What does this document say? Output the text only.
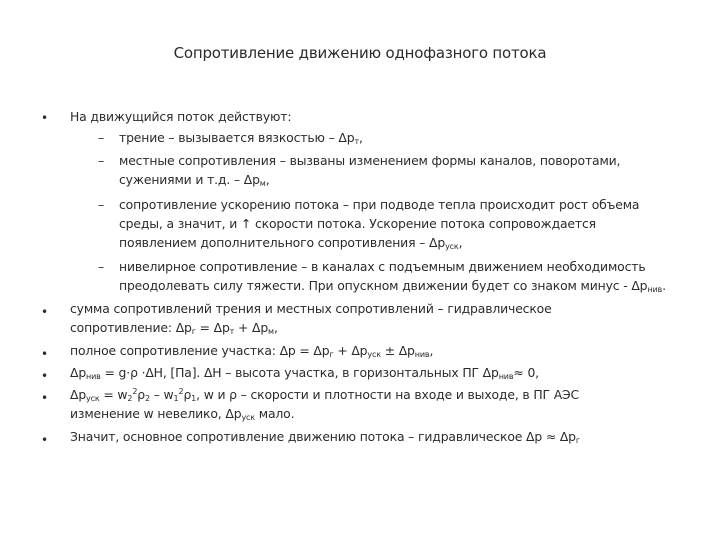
Сопротивление движению однофазного потока
• На движущийся поток действуют:
– трение – вызывается вязкостью – $\Delta p_т$,
– местные сопротивления – вызваны изменением формы каналов, поворотами,
сужениями и т.д. – $\Delta p_м$,
– сопротивление ускорению потока – при подводе тепла происходит рост объема
среды, а значит, и ↑ скорости потока. Ускорение потока сопровождается
появлением дополнительного сопротивления – $\Delta p_{уск}$,
– нивелирное сопротивление – в каналах с подъемным движением необходимость
преодолевать силу тяжести. При опускном движении будет со знаком минус - $\Delta p_{нив}$.
• сумма сопротивлений трения и местных сопротивлений – гидравлическое
сопротивление: $\Delta p_г = \Delta p_т + \Delta p_м$,
• полное сопротивление участка: $\Delta p = \Delta p_г + \Delta p_{уск} \pm \Delta p_{нив}$,
• $\Delta p_{нив} = g\cdot\rho \cdot\Delta H$, [Па]. ΔH – высота участка, в горизонтальных ПГ $\Delta p_{нив}\approx 0$,
• $\Delta p_{уск} = w_2^2\rho_2 - w_1^2\rho_1$, w и ρ – скорости и плотности на входе и выходе, в ПГ АЭС
изменение w невелико, $\Delta p_{уск}$ мало.
• Значит, основное сопротивление движению потока – гидравлическое $\Delta p \approx \Delta p_г$
